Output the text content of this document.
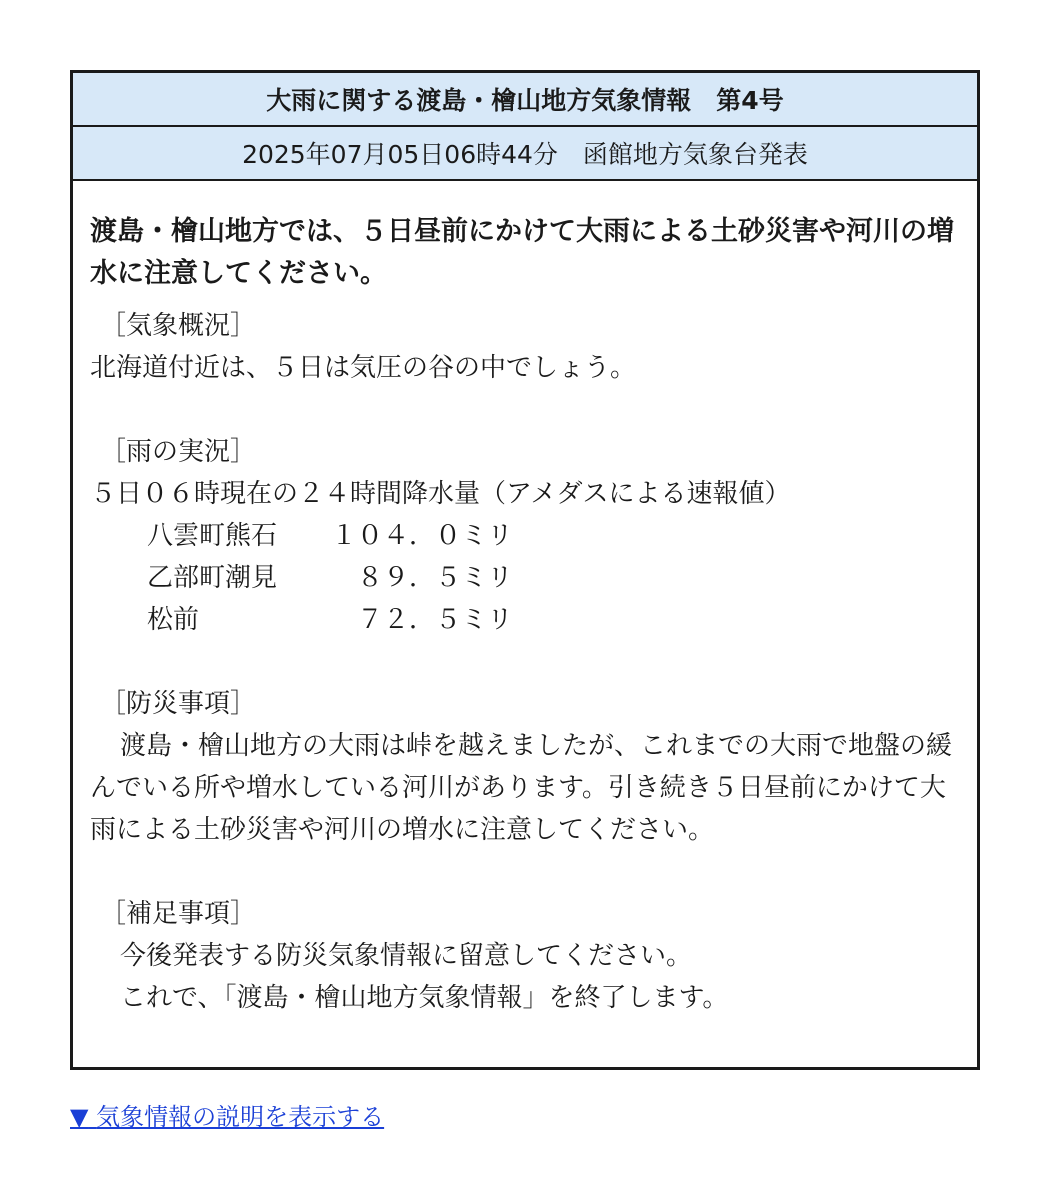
大雨に関する渡島・檜山地方気象情報　第4号
2025年07月05日06時44分　函館地方気象台発表

渡島・檜山地方では、５日昼前にかけて大雨による土砂災害や河川の増水に注意してください。

［気象概況］
北海道付近は、５日は気圧の谷の中でしょう。
［雨の実況］
５日０６時現在の２４時間降水量（アメダスによる速報値）
八雲町熊石	１０４．０ミリ
乙部町潮見	８９．５ミリ
松前	７２．５ミリ
［防災事項］

渡島・檜山地方の大雨は峠を越えましたが、これまでの大雨で地盤の緩んでいる所や増水している河川があります。引き続き５日昼前にかけて大雨による土砂災害や河川の増水に注意してください。

［補足事項］
今後発表する防災気象情報に留意してください。
これで、「渡島・檜山地方気象情報」を終了します。
▼ 気象情報の説明を表示する
